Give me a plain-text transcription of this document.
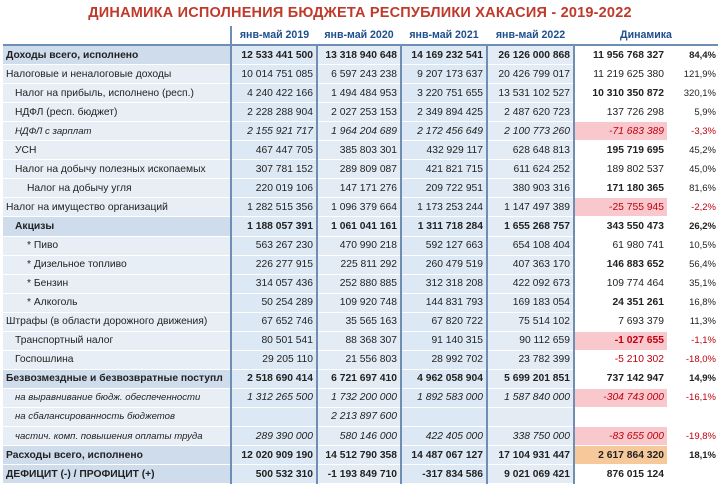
ДИНАМИКА ИСПОЛНЕНИЯ БЮДЖЕТА РЕСПУБЛИКИ ХАКАСИЯ - 2019-2022
	янв-май 2019	янв-май 2020	янв-май 2021	янв-май 2022	Динамика	
Доходы всего, исполнено	12 533 441 500	13 318 940 648	14 169 232 541	26 126 000 868	11 956 768 327	84,4%
Налоговые и неналоговые доходы	10 014 751 085	6 597 243 238	9 207 173 637	20 426 799 017	11 219 625 380	121,9%
Налог на прибыль, исполнено (респ.)	4 240 422 166	1 494 484 953	3 220 751 655	13 531 102 527	10 310 350 872	320,1%
НДФЛ (респ. бюджет)	2 228 288 904	2 027 253 153	2 349 894 425	2 487 620 723	137 726 298	5,9%
НДФЛ с зарплат	2 155 921 717	1 964 204 689	2 172 456 649	2 100 773 260	-71 683 389	-3,3%
УСН	467 447 705	385 803 301	432 929 117	628 648 813	195 719 695	45,2%
Налог на добычу полезных ископаемых	307 781 152	289 809 087	421 821 715	611 624 252	189 802 537	45,0%
Налог на добычу угля	220 019 106	147 171 276	209 722 951	380 903 316	171 180 365	81,6%
Налог на имущество организаций	1 282 515 356	1 096 379 664	1 173 253 244	1 147 497 389	-25 755 945	-2,2%
Акцизы	1 188 057 391	1 061 041 161	1 311 718 284	1 655 268 757	343 550 473	26,2%
* Пиво	563 267 230	470 990 218	592 127 663	654 108 404	61 980 741	10,5%
* Дизельное топливо	226 277 915	225 811 292	260 479 519	407 363 170	146 883 652	56,4%
* Бензин	314 057 436	252 880 885	312 318 208	422 092 673	109 774 464	35,1%
* Алкоголь	50 254 289	109 920 748	144 831 793	169 183 054	24 351 261	16,8%
Штрафы (в области дорожного движения)	67 652 746	35 565 163	67 820 722	75 514 102	7 693 379	11,3%
Транспортный налог	80 501 541	88 368 307	91 140 315	90 112 659	-1 027 655	-1,1%
Госпошлина	29 205 110	21 556 803	28 992 702	23 782 399	-5 210 302	-18,0%
Безвозмездные и безвозвратные поступл	2 518 690 414	6 721 697 410	4 962 058 904	5 699 201 851	737 142 947	14,9%
на выравнивание бюдж. обеспеченности	1 312 265 500	1 732 200 000	1 892 583 000	1 587 840 000	-304 743 000	-16,1%
на сбалансированность бюджетов		2 213 897 600				
частич. комп. повышения оплаты труда	289 390 000	580 146 000	422 405 000	338 750 000	-83 655 000	-19,8%
Расходы всего, исполнено	12 020 909 190	14 512 790 358	14 487 067 127	17 104 931 447	2 617 864 320	18,1%
ДЕФИЦИТ (-) / ПРОФИЦИТ (+)	500 532 310	-1 193 849 710	-317 834 586	9 021 069 421	876 015 124	
